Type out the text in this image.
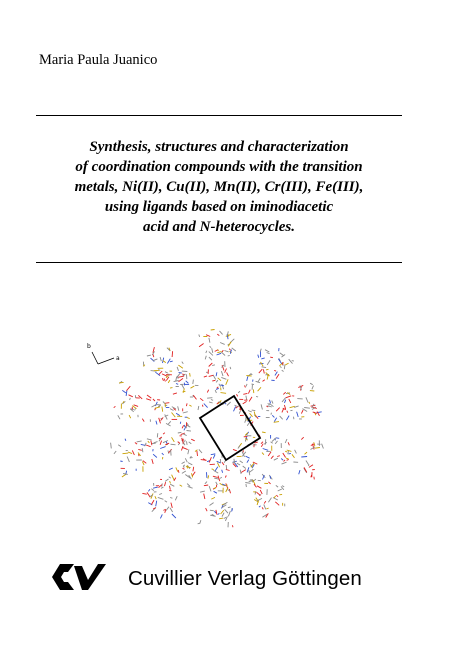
Maria Paula Juanico
Synthesis, structures and characterization
of coordination compounds with the transition
metals, Ni(II), Cu(II), Mn(II), Cr(III), Fe(III),
using ligands based on iminodiacetic
acid and N-heterocycles.
b
a
Cuvillier Verlag Göttingen
